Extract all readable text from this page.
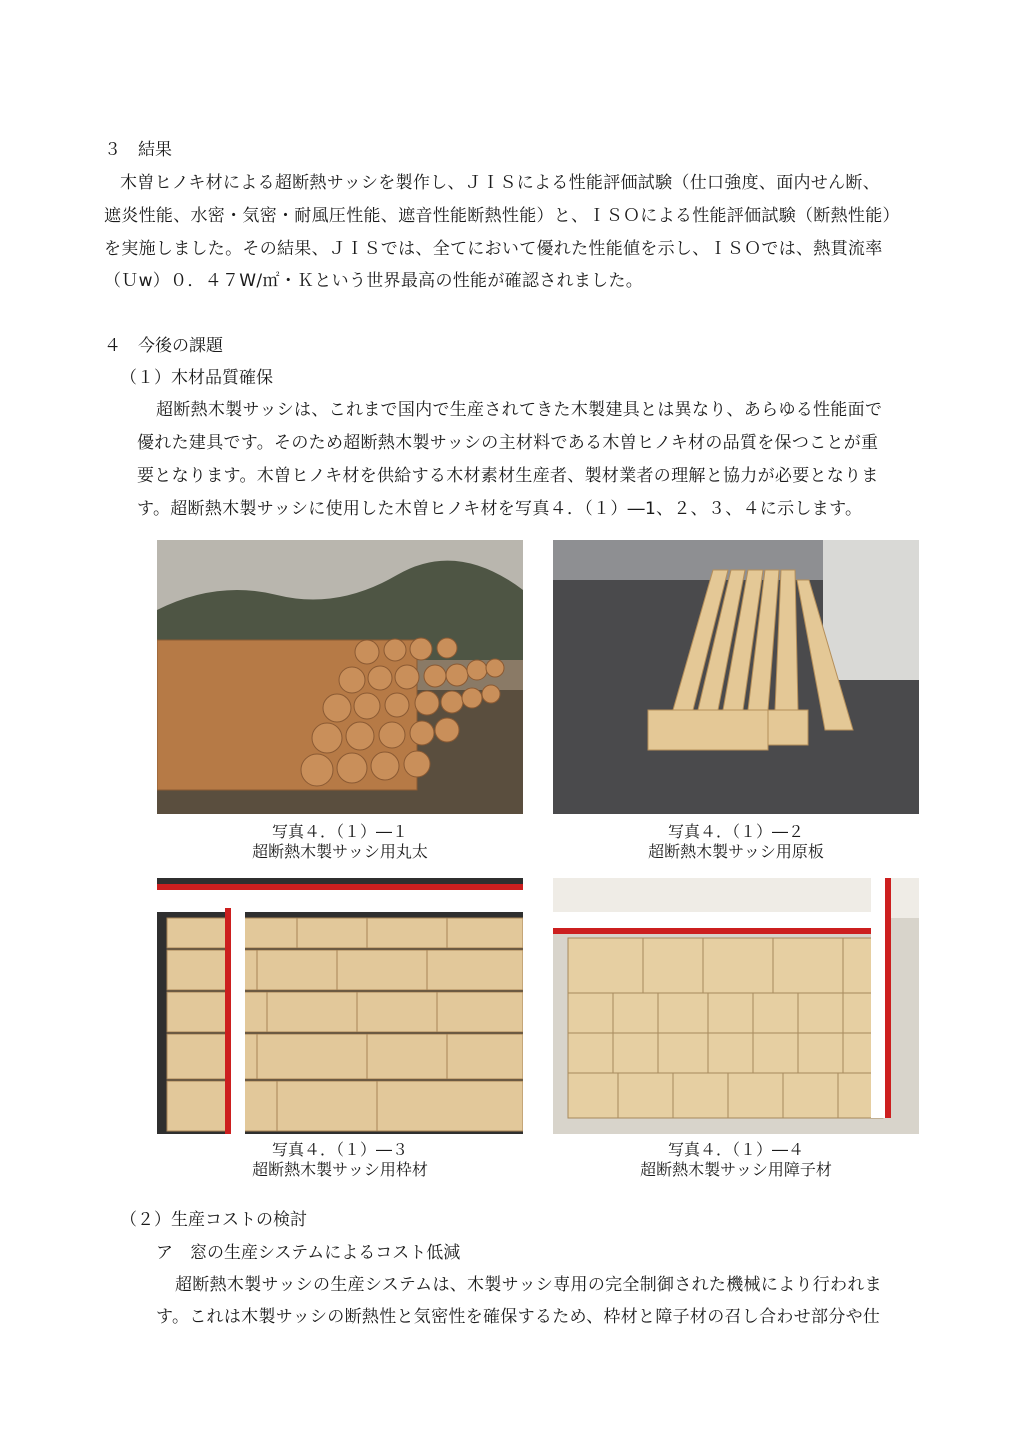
３　結果
木曽ヒノキ材による超断熱サッシを製作し、ＪＩＳによる性能評価試験（仕口強度、面内せん断、
遮炎性能、水密・気密・耐風圧性能、遮音性能断熱性能）と、ＩＳＯによる性能評価試験（断熱性能）
を実施しました。その結果、ＪＩＳでは、全てにおいて優れた性能値を示し、ＩＳＯでは、熱貫流率
（Ｕw）０．４７W/㎡・Ｋという世界最高の性能が確認されました。
４　今後の課題
（１）木材品質確保
超断熱木製サッシは、これまで国内で生産されてきた木製建具とは異なり、あらゆる性能面で
優れた建具です。そのため超断熱木製サッシの主材料である木曽ヒノキ材の品質を保つことが重
要となります。木曽ヒノキ材を供給する木材素材生産者、製材業者の理解と協力が必要となりま
す。超断熱木製サッシに使用した木曽ヒノキ材を写真４．（１）―1、２、３、４に示します。
写真４．（１）―１
超断熱木製サッシ用丸太
写真４．（１）―２
超断熱木製サッシ用原板
写真４．（１）―３
超断熱木製サッシ用枠材
写真４．（１）―４
超断熱木製サッシ用障子材
（２）生産コストの検討
ア　窓の生産システムによるコスト低減
超断熱木製サッシの生産システムは、木製サッシ専用の完全制御された機械により行われま
す。これは木製サッシの断熱性と気密性を確保するため、枠材と障子材の召し合わせ部分や仕
